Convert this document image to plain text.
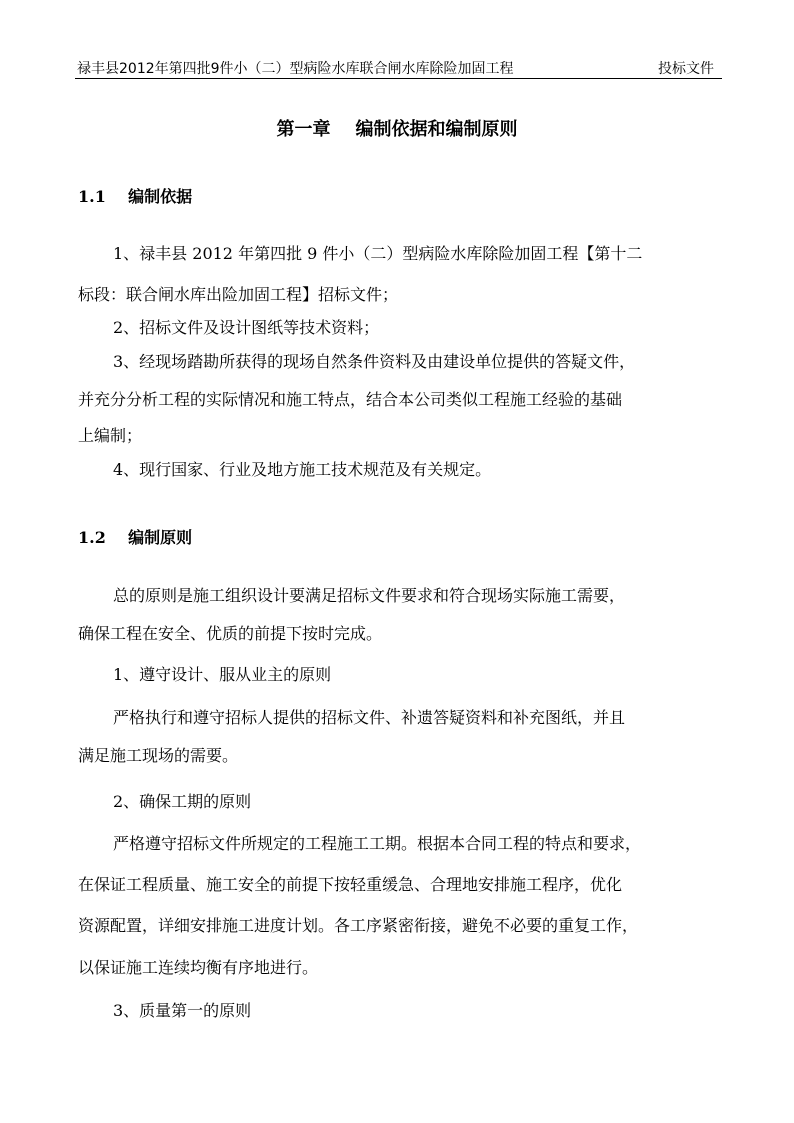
禄丰县2012年第四批9件小（二）型病险水库联合闸水库除险加固工程	投标文件
第一章    编制依据和编制原则
1.1    编制依据
1、禄丰县 2012 年第四批 9 件小（二）型病险水库除险加固工程【第十二
标段：联合闸水库出险加固工程】招标文件；
2、招标文件及设计图纸等技术资料；
3、经现场踏勘所获得的现场自然条件资料及由建设单位提供的答疑文件，
并充分分析工程的实际情况和施工特点，结合本公司类似工程施工经验的基础
上编制；
4、现行国家、行业及地方施工技术规范及有关规定。
1.2    编制原则
总的原则是施工组织设计要满足招标文件要求和符合现场实际施工需要，
确保工程在安全、优质的前提下按时完成。
1、遵守设计、服从业主的原则
严格执行和遵守招标人提供的招标文件、补遗答疑资料和补充图纸，并且
满足施工现场的需要。
2、确保工期的原则
严格遵守招标文件所规定的工程施工工期。根据本合同工程的特点和要求，
在保证工程质量、施工安全的前提下按轻重缓急、合理地安排施工程序，优化
资源配置，详细安排施工进度计划。各工序紧密衔接，避免不必要的重复工作，
以保证施工连续均衡有序地进行。
3、质量第一的原则
